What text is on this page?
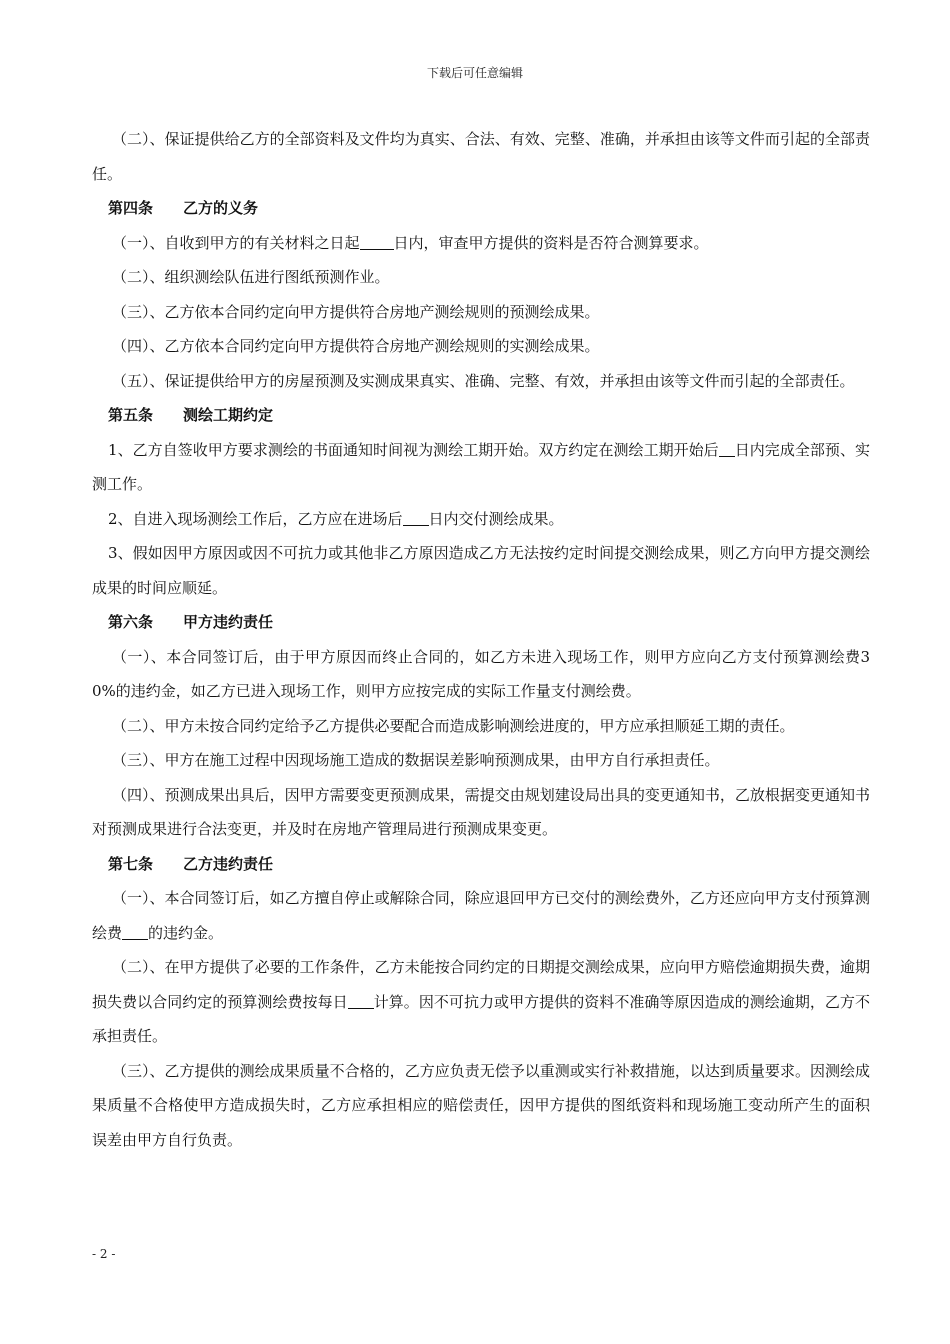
下载后可任意编辑

（二）、保证提供给乙方的全部资料及文件均为真实、合法、有效、完整、准确，并承担由该等文件而引起的全部责任。

第四条 乙方的义务

（一）、自收到甲方的有关材料之日起 日内，审查甲方提供的资料是否符合测算要求。

（二）、组织测绘队伍进行图纸预测作业。

（三）、乙方依本合同约定向甲方提供符合房地产测绘规则的预测绘成果。

（四）、乙方依本合同约定向甲方提供符合房地产测绘规则的实测绘成果。

（五）、保证提供给甲方的房屋预测及实测成果真实、准确、完整、有效，并承担由该等文件而引起的全部责任。

第五条 测绘工期约定

1、乙方自签收甲方要求测绘的书面通知时间视为测绘工期开始。双方约定在测绘工期开始后 日内完成全部预、实测工作。

2、自进入现场测绘工作后，乙方应在进场后 日内交付测绘成果。

3、假如因甲方原因或因不可抗力或其他非乙方原因造成乙方无法按约定时间提交测绘成果，则乙方向甲方提交测绘成果的时间应顺延。

第六条 甲方违约责任

（一）、本合同签订后，由于甲方原因而终止合同的，如乙方未进入现场工作，则甲方应向乙方支付预算测绘费30%的违约金，如乙方已进入现场工作，则甲方应按完成的实际工作量支付测绘费。

（二）、甲方未按合同约定给予乙方提供必要配合而造成影响测绘进度的，甲方应承担顺延工期的责任。

（三）、甲方在施工过程中因现场施工造成的数据误差影响预测成果，由甲方自行承担责任。

（四）、预测成果出具后，因甲方需要变更预测成果，需提交由规划建设局出具的变更通知书，乙放根据变更通知书对预测成果进行合法变更，并及时在房地产管理局进行预测成果变更。

第七条 乙方违约责任

（一）、本合同签订后，如乙方擅自停止或解除合同，除应退回甲方已交付的测绘费外，乙方还应向甲方支付预算测绘费 的违约金。

（二）、在甲方提供了必要的工作条件，乙方未能按合同约定的日期提交测绘成果，应向甲方赔偿逾期损失费，逾期损失费以合同约定的预算测绘费按每日 计算。因不可抗力或甲方提供的资料不准确等原因造成的测绘逾期，乙方不承担责任。

（三）、乙方提供的测绘成果质量不合格的，乙方应负责无偿予以重测或实行补救措施，以达到质量要求。因测绘成果质量不合格使甲方造成损失时，乙方应承担相应的赔偿责任，因甲方提供的图纸资料和现场施工变动所产生的面积误差由甲方自行负责。

- 2 -
